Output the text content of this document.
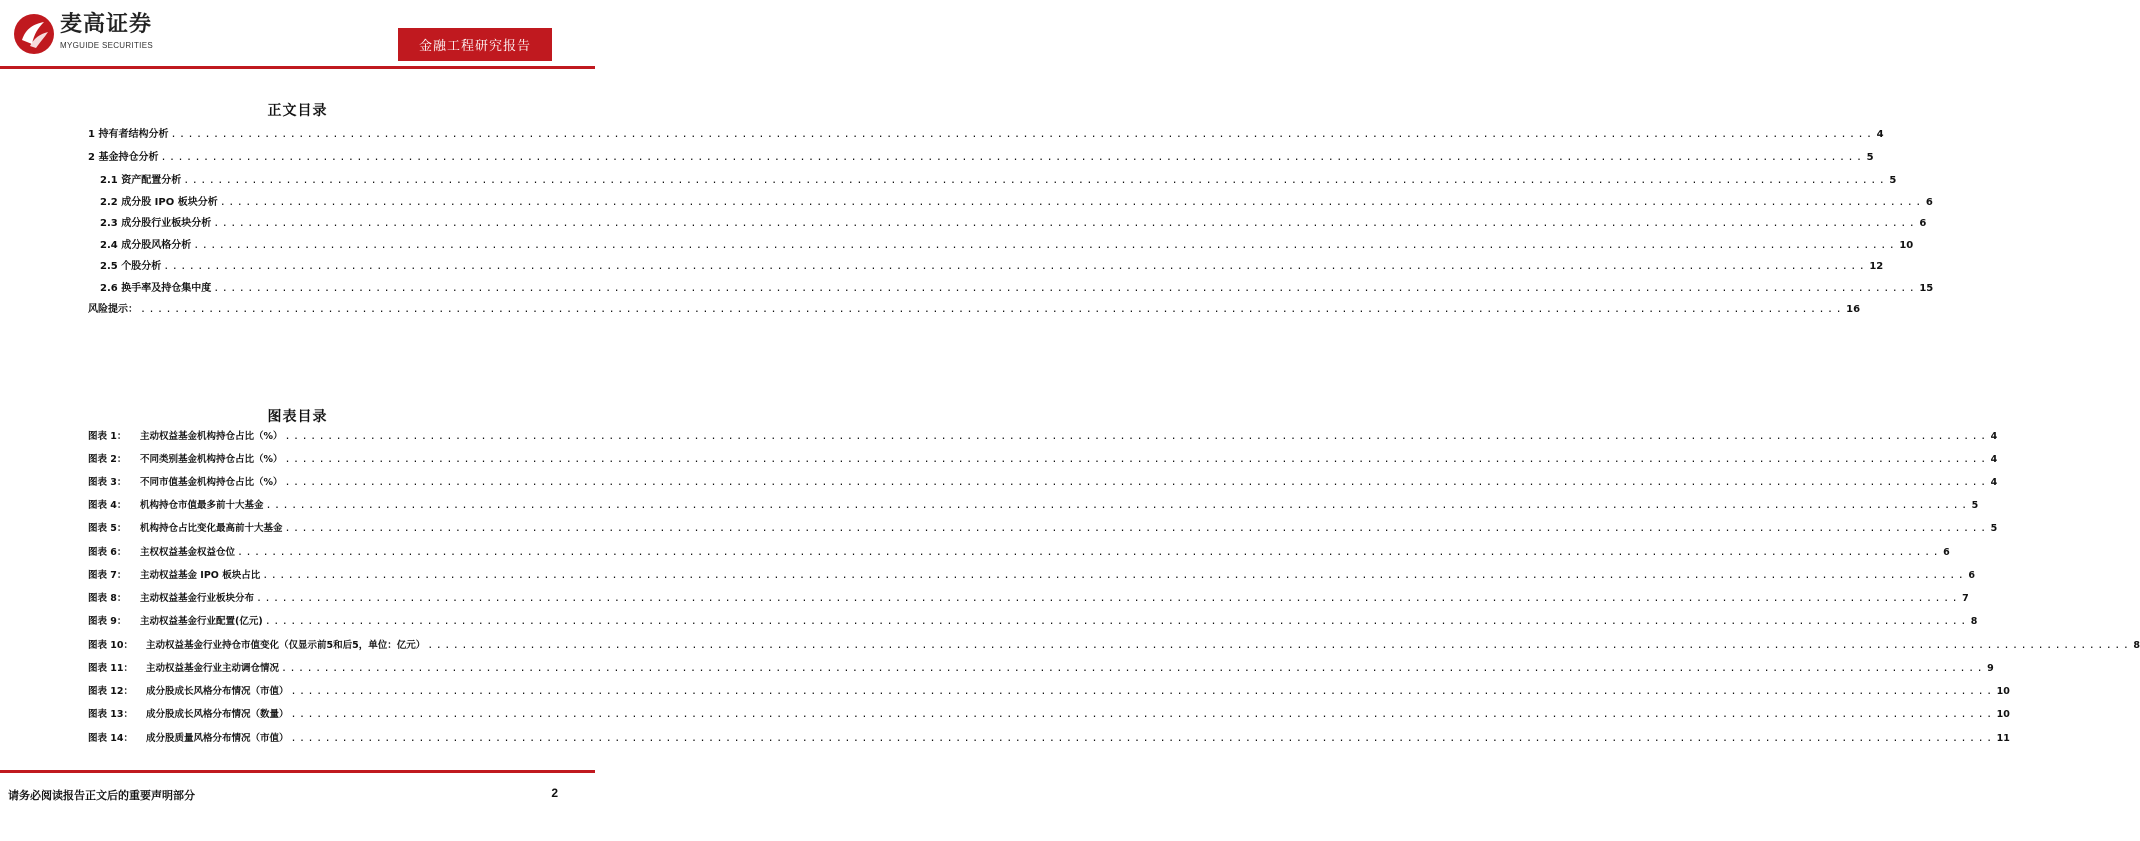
麦高证券
MYGUIDE SECURITIES	金融工程研究报告
正文目录
1 持有者结构分析 ........................................................................................................................................................................................................ 4
2 基金持仓分析 ........................................................................................................................................................................................................ 5
2.1 资产配置分析 ........................................................................................................................................................................................................ 5
2.2 成分股 IPO 板块分析 ........................................................................................................................................................................................................ 6
2.3 成分股行业板块分析 ........................................................................................................................................................................................................ 6
2.4 成分股风格分析 ........................................................................................................................................................................................................ 10
2.5 个股分析 ........................................................................................................................................................................................................ 12
2.6 换手率及持仓集中度 ........................................................................................................................................................................................................ 15
风险提示： ........................................................................................................................................................................................................ 16
图表目录
图表 1：	主动权益基金机构持仓占比（%） ........................................................................................................................................................................................................ 4
图表 2：	不同类别基金机构持仓占比（%） ........................................................................................................................................................................................................ 4
图表 3：	不同市值基金机构持仓占比（%） ........................................................................................................................................................................................................ 4
图表 4：	机构持仓市值最多前十大基金 ........................................................................................................................................................................................................ 5
图表 5：	机构持仓占比变化最高前十大基金 ........................................................................................................................................................................................................ 5
图表 6：	主权权益基金权益仓位 ........................................................................................................................................................................................................ 6
图表 7：	主动权益基金 IPO 板块占比 ........................................................................................................................................................................................................ 6
图表 8：	主动权益基金行业板块分布 ........................................................................................................................................................................................................ 7
图表 9：	主动权益基金行业配置(亿元) ........................................................................................................................................................................................................ 8
图表 10：	主动权益基金行业持仓市值变化（仅显示前5和后5，单位：亿元） ........................................................................................................................................................................................................ 8
图表 11：	主动权益基金行业主动调仓情况 ........................................................................................................................................................................................................ 9
图表 12：	成分股成长风格分布情况（市值） ........................................................................................................................................................................................................ 10
图表 13：	成分股成长风格分布情况（数量） ........................................................................................................................................................................................................ 10
图表 14：	成分股质量风格分布情况（市值） ........................................................................................................................................................................................................ 11
请务必阅读报告正文后的重要声明部分	2
